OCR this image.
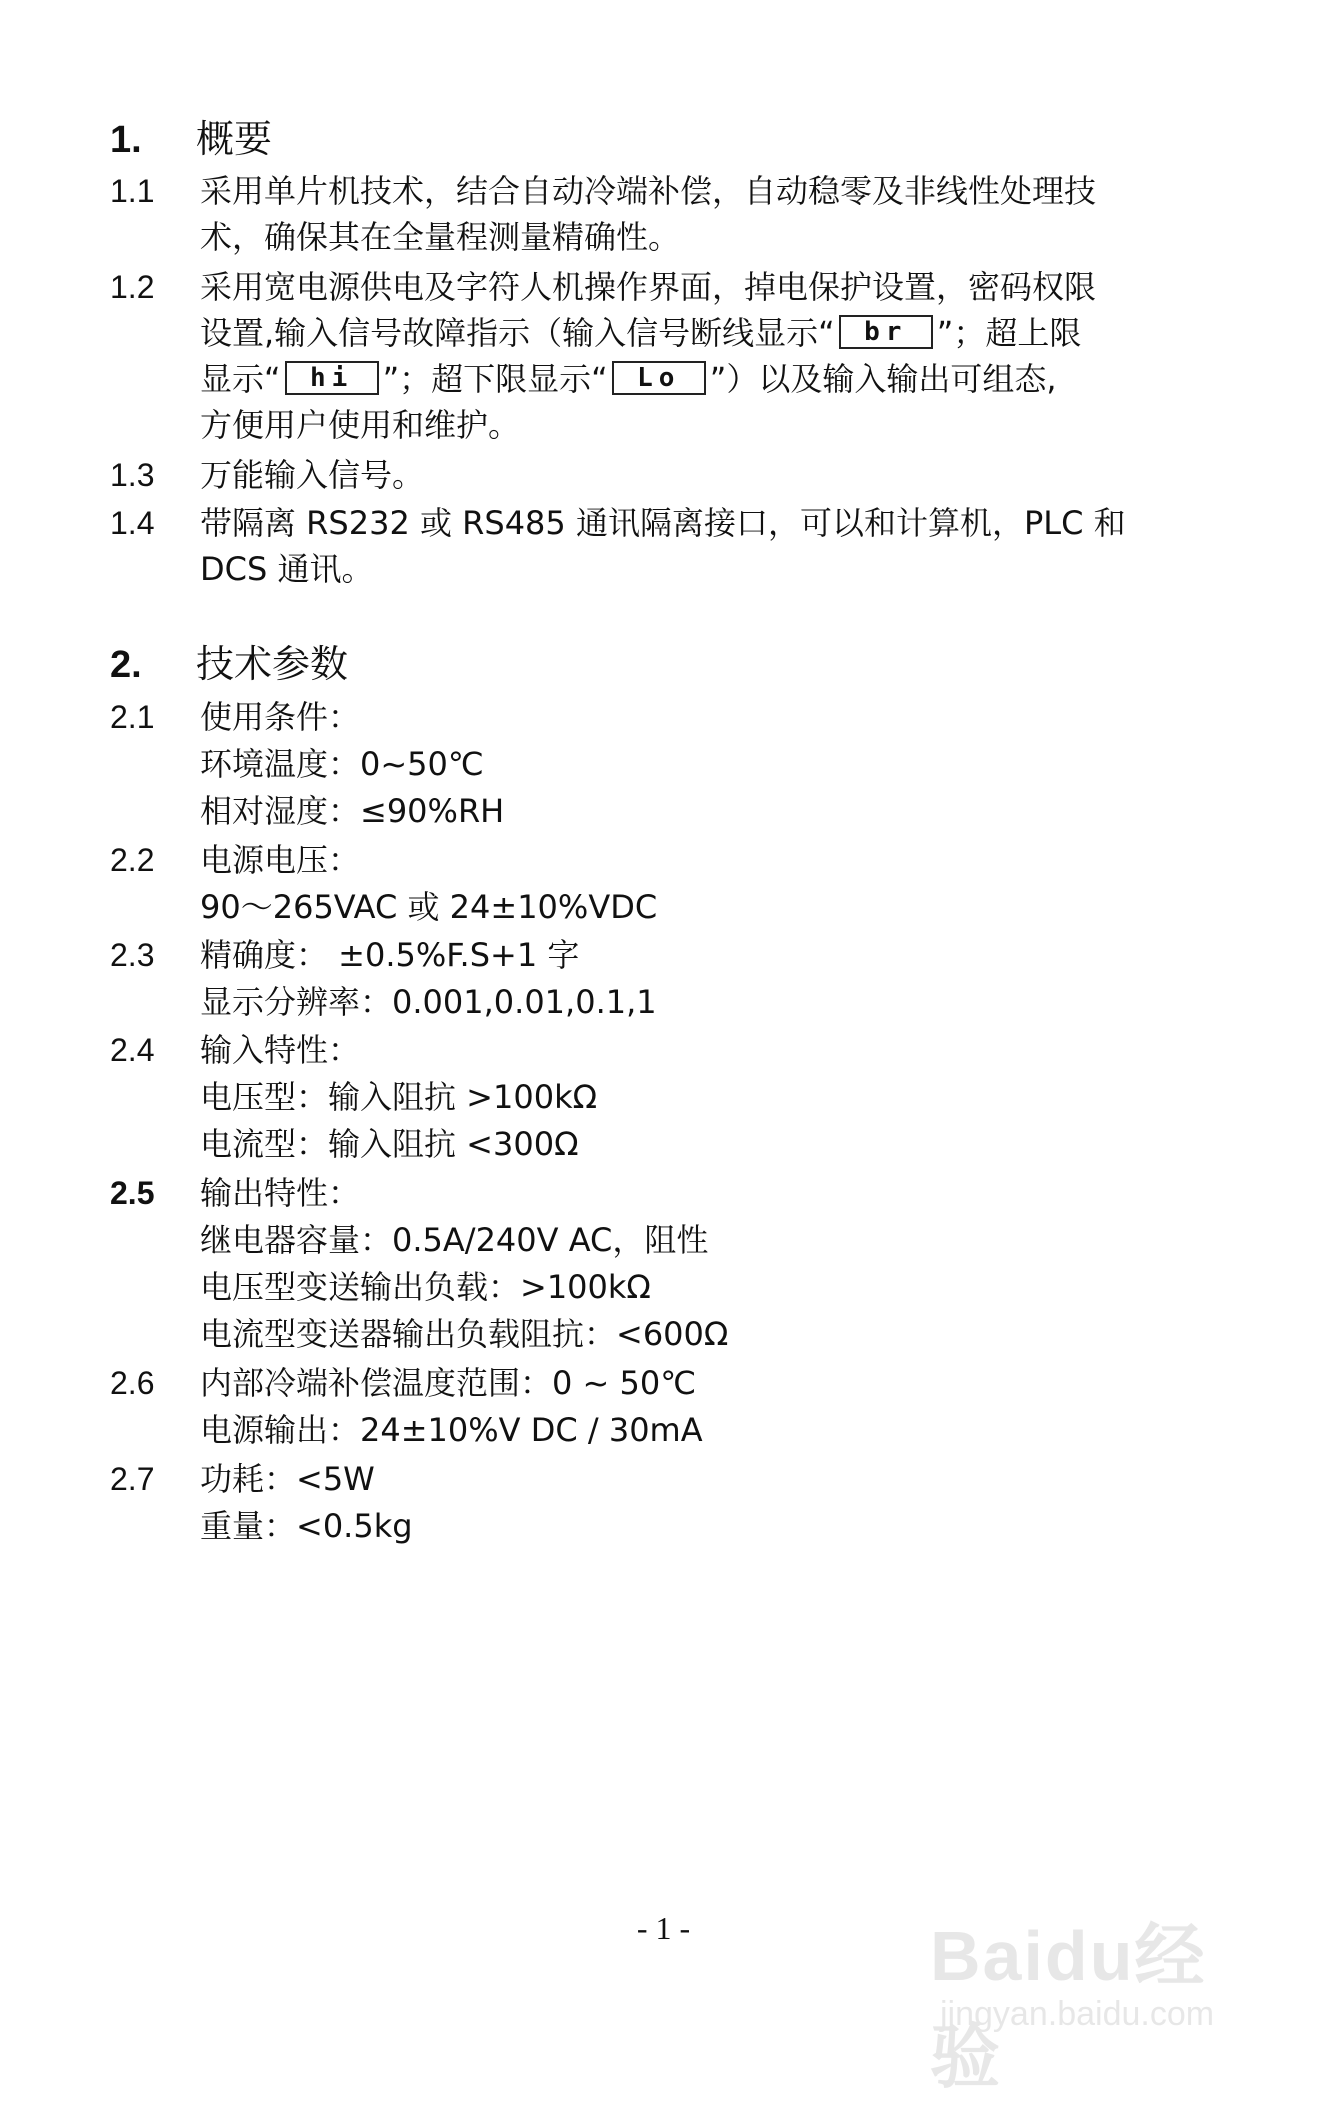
1. 概要
1.1 采用单片机技术，结合自动冷端补偿，自动稳零及非线性处理技
术，确保其在全量程测量精确性。
1.2 采用宽电源供电及字符人机操作界面，掉电保护设置，密码权限
设置,输入信号故障指示（输入信号断线显示“ br ”；超上限
显示“ hi ”；超下限显示“ Lo ”）以及输入输出可组态,
方便用户使用和维护。
1.3 万能输入信号。
1.4 带隔离 RS232 或 RS485 通讯隔离接口，可以和计算机，PLC 和
DCS 通讯。
2. 技术参数
2.1 使用条件：
环境温度：0~50℃
相对湿度：≤90%RH
2.2 电源电压：
90～265VAC 或 24±10%VDC
2.3 精确度： ±0.5%F.S+1 字
显示分辨率：0.001,0.01,0.1,1
2.4 输入特性：
电压型：输入阻抗 >100kΩ
电流型：输入阻抗 <300Ω
2.5 输出特性：
继电器容量：0.5A/240V AC，阻性
电压型变送输出负载：>100kΩ
电流型变送器输出负载阻抗：<600Ω
2.6 内部冷端补偿温度范围：0 ~ 50℃
电源输出：24±10%V DC / 30mA
2.7 功耗：<5W
重量：<0.5kg
- 1 -	Baidu经验
jingyan.baidu.com
